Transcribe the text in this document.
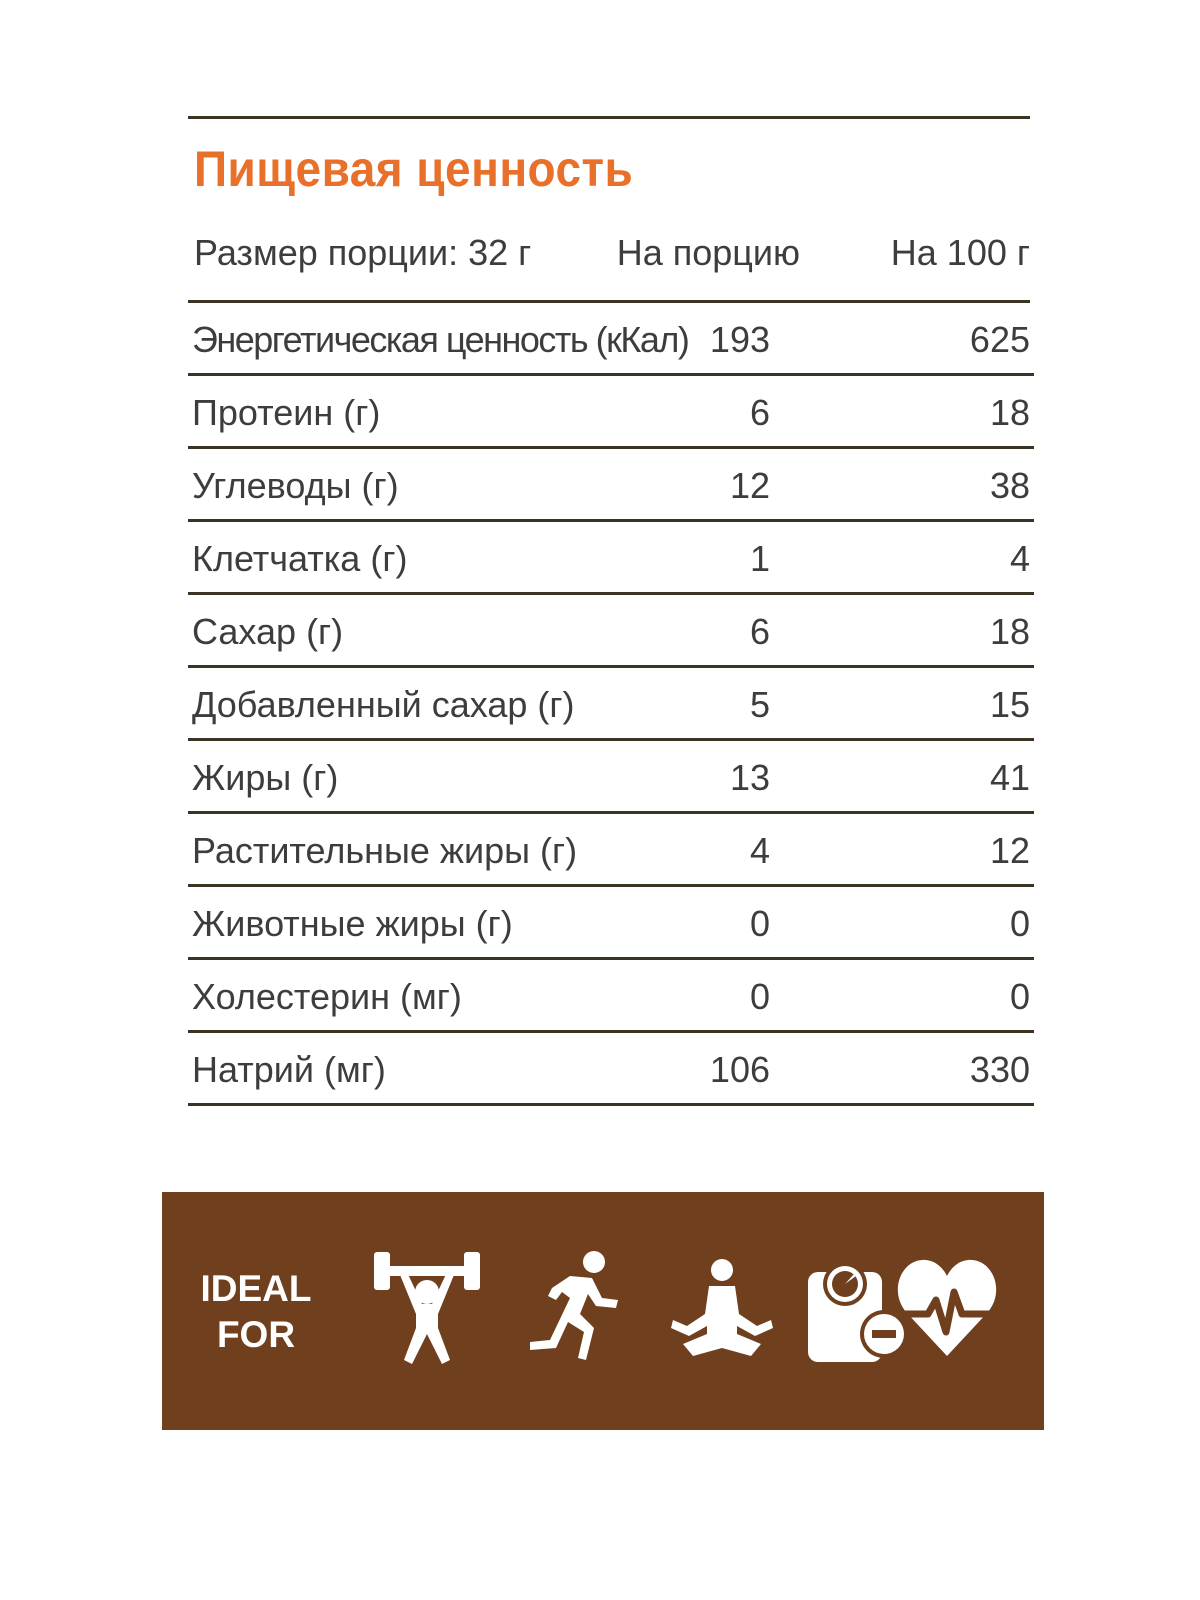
Пищевая ценность
Размер порции: 32 г На порцию	На 100 г
Энергетическая ценность (кКал) 193	625
Протеин (г)	6	18
Углеводы (г)	12	38
Клетчатка (г)	1	4
Сахар (г)	6	18
Добавленный сахар (г)	5	15
Жиры (г)	13	41
Растительные жиры (г)	4	12
Животные жиры (г)	0	0
Холестерин (мг)	0	0
Натрий (мг)	106	330
IDEAL
FOR
